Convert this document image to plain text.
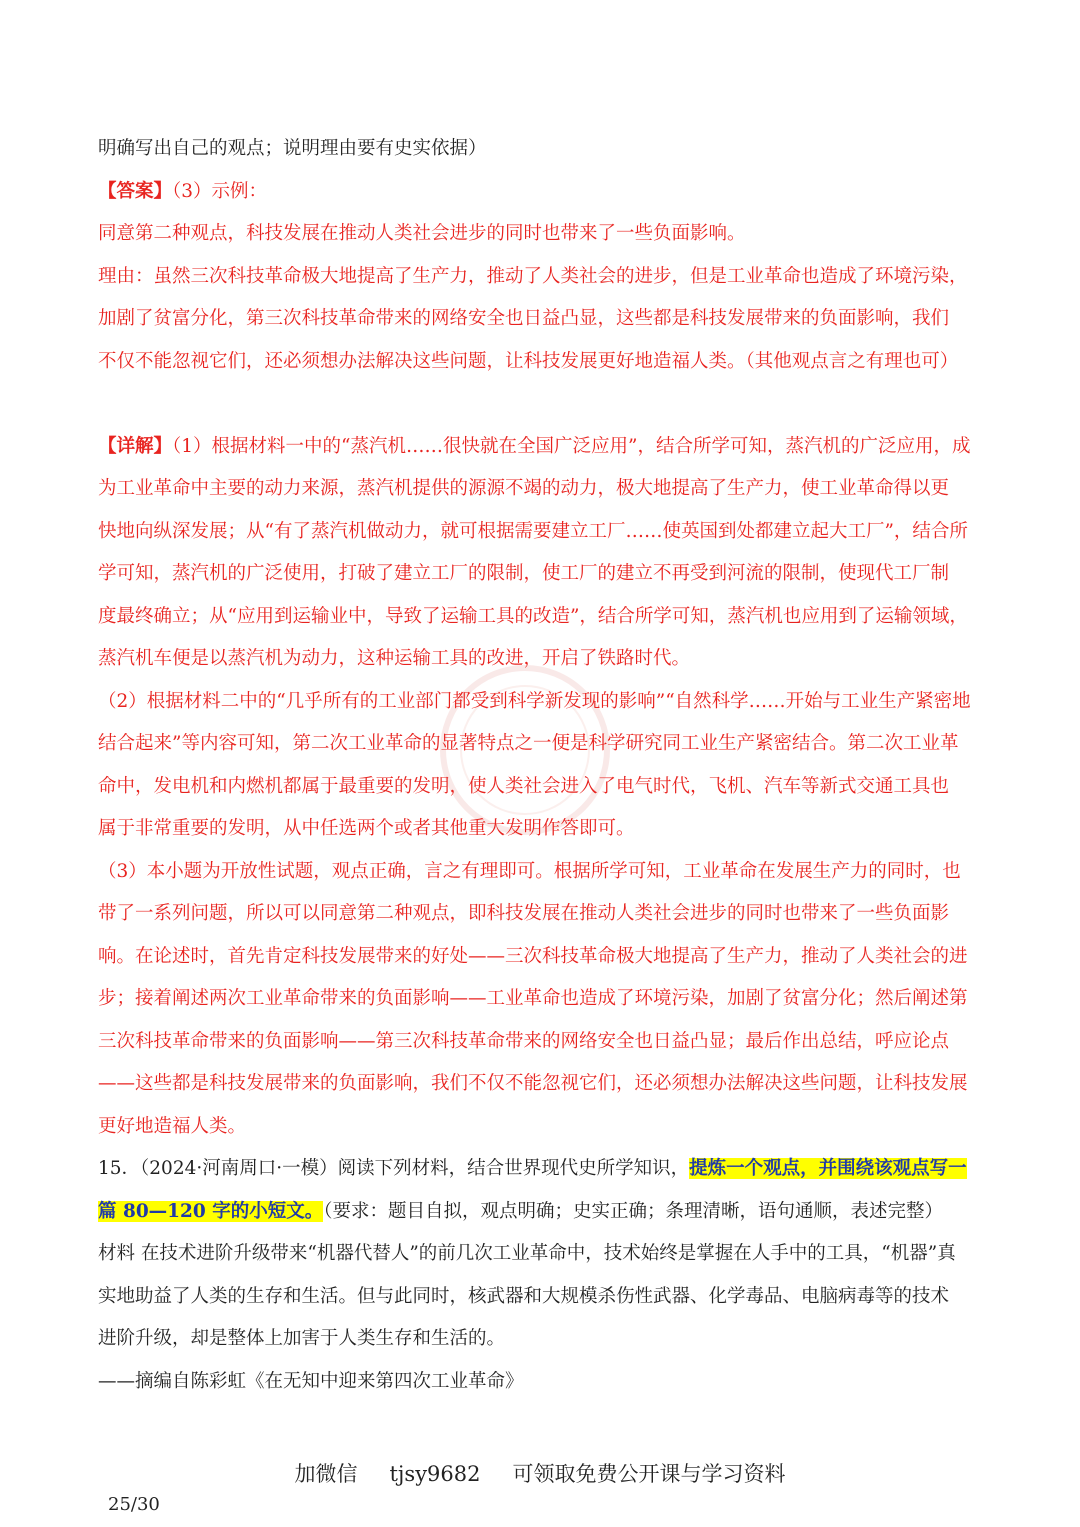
明确写出自己的观点；说明理由要有史实依据）

【答案】（3）示例：

同意第二种观点，科技发展在推动人类社会进步的同时也带来了一些负面影响。

理由：虽然三次科技革命极大地提高了生产力，推动了人类社会的进步，但是工业革命也造成了环境污染，

加剧了贫富分化，第三次科技革命带来的网络安全也日益凸显，这些都是科技发展带来的负面影响，我们

不仅不能忽视它们，还必须想办法解决这些问题，让科技发展更好地造福人类。（其他观点言之有理也可）

【详解】（1）根据材料一中的“蒸汽机……很快就在全国广泛应用”，结合所学可知，蒸汽机的广泛应用，成

为工业革命中主要的动力来源，蒸汽机提供的源源不竭的动力，极大地提高了生产力，使工业革命得以更

快地向纵深发展；从“有了蒸汽机做动力，就可根据需要建立工厂……使英国到处都建立起大工厂”，结合所

学可知，蒸汽机的广泛使用，打破了建立工厂的限制，使工厂的建立不再受到河流的限制，使现代工厂制

度最终确立；从“应用到运输业中，导致了运输工具的改造”，结合所学可知，蒸汽机也应用到了运输领域，

蒸汽机车便是以蒸汽机为动力，这种运输工具的改进，开启了铁路时代。

（2）根据材料二中的“几乎所有的工业部门都受到科学新发现的影响”“自然科学……开始与工业生产紧密地

结合起来”等内容可知，第二次工业革命的显著特点之一便是科学研究同工业生产紧密结合。第二次工业革

命中，发电机和内燃机都属于最重要的发明，使人类社会进入了电气时代，飞机、汽车等新式交通工具也

属于非常重要的发明，从中任选两个或者其他重大发明作答即可。

（3）本小题为开放性试题，观点正确，言之有理即可。根据所学可知，工业革命在发展生产力的同时，也

带了一系列问题，所以可以同意第二种观点，即科技发展在推动人类社会进步的同时也带来了一些负面影

响。在论述时，首先肯定科技发展带来的好处——三次科技革命极大地提高了生产力，推动了人类社会的进

步；接着阐述两次工业革命带来的负面影响——工业革命也造成了环境污染，加剧了贫富分化；然后阐述第

三次科技革命带来的负面影响——第三次科技革命带来的网络安全也日益凸显；最后作出总结，呼应论点

——这些都是科技发展带来的负面影响，我们不仅不能忽视它们，还必须想办法解决这些问题，让科技发展

更好地造福人类。

15．（2024·河南周口·一模）阅读下列材料，结合世界现代史所学知识，提炼一个观点，并围绕该观点写一

篇 80—120 字的小短文。（要求：题目自拟，观点明确；史实正确；条理清晰，语句通顺，表述完整）

材料 在技术进阶升级带来“机器代替人”的前几次工业革命中，技术始终是掌握在人手中的工具，“机器”真

实地助益了人类的生存和生活。但与此同时，核武器和大规模杀伤性武器、化学毒品、电脑病毒等的技术

进阶升级，却是整体上加害于人类生存和生活的。

——摘编自陈彩虹《在无知中迎来第四次工业革命》

加微信 tjsy9682 可领取免费公开课与学习资料
25/30
